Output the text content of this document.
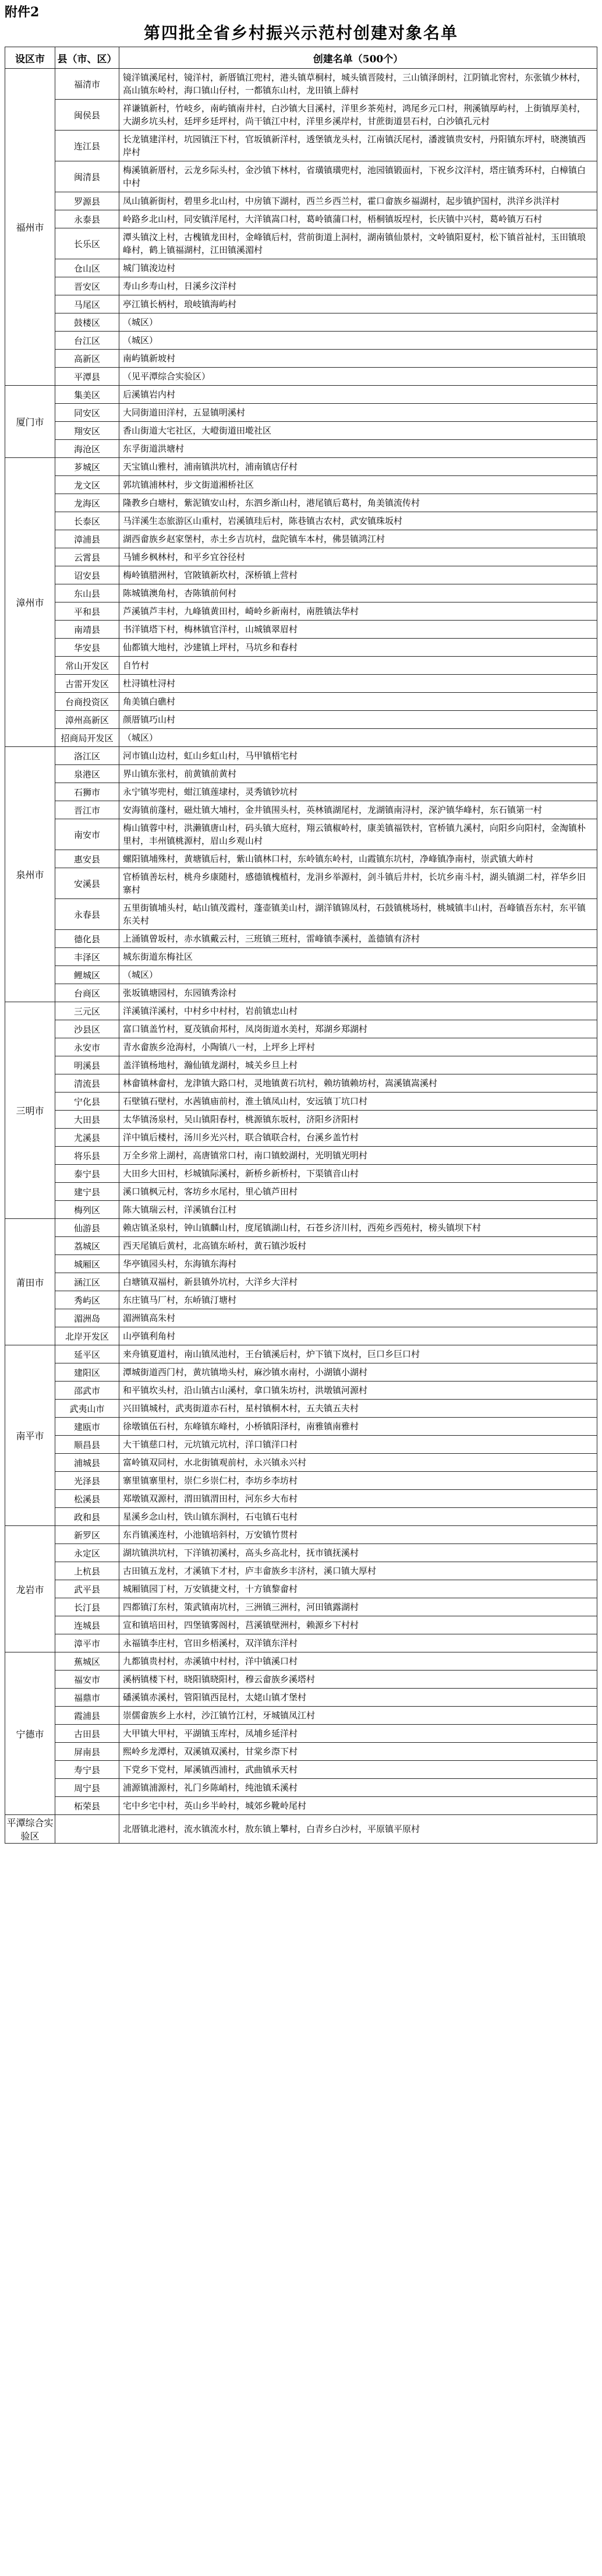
附件2
第四批全省乡村振兴示范村创建对象名单
设区市	县（市、区）	创建名单（500个）
福州市	福清市	镜洋镇溪尾村，镜洋村，新厝镇江兜村，港头镇草桐村，城头镇晋陵村，三山镇泽朗村，江阴镇北窖村，东张镇少林村，高山镇东岭村，海口镇山仔村，一都镇东山村，龙田镇上薛村
	闽侯县	祥谦镇新村，竹岐乡，南屿镇南井村，白沙镇大目溪村，洋里乡茶苑村，鸿尾乡元口村，荆溪镇厚屿村，上街镇厚美村，大湖乡坑头村，廷坪乡廷坪村，尚干镇江中村，洋里乡溪岸村，甘蔗街道昙石村，白沙镇孔元村
	连江县	长龙镇建洋村，坑园镇汪下村，官坂镇新洋村，透堡镇龙头村，江南镇沃尾村，潘渡镇贵安村，丹阳镇东坪村，晓澳镇西岸村
	闽清县	梅溪镇新厝村，云龙乡际头村，金沙镇下林村，省璜镇璜兜村，池园镇锻面村，下祝乡汶洋村，塔庄镇秀环村，白樟镇白中村
	罗源县	凤山镇新街村，碧里乡北山村，中房镇下湖村，西兰乡西兰村，霍口畲族乡福湖村，起步镇护国村，洪洋乡洪洋村
	永泰县	岭路乡北山村，同安镇洋尾村，大洋镇嵩口村，葛岭镇蒲口村，梧桐镇坂埕村，长庆镇中兴村，葛岭镇万石村
	长乐区	潭头镇汶上村，古槐镇龙田村，金峰镇后村，营前街道上洞村，湖南镇仙景村，文岭镇阳夏村，松下镇首祉村，玉田镇琅峰村，鹤上镇福湖村，江田镇溪湄村
	仓山区	城门镇浚边村
	晋安区	寿山乡寿山村，日溪乡汶洋村
	马尾区	亭江镇长柄村，琅岐镇海屿村
	鼓楼区	（城区）
	台江区	（城区）
	高新区	南屿镇新坡村
	平潭县	（见平潭综合实验区）
厦门市	集美区	后溪镇岩内村
	同安区	大同街道田洋村，五显镇明溪村
	翔安区	香山街道大宅社区，大嶝街道田墘社区
	海沧区	东孚街道洪塘村
漳州市	芗城区	天宝镇山雅村，浦南镇洪坑村，浦南镇店仔村
	龙文区	郭坑镇浦林村，步文街道湘桥社区
	龙海区	隆教乡白塘村，紫泥镇安山村，东泗乡渐山村，港尾镇后葛村，角美镇流传村
	长泰区	马洋溪生态旅游区山重村，岩溪镇珪后村，陈巷镇古农村，武安镇珠坂村
	漳浦县	湖西畲族乡赵家堡村，赤土乡吉坑村，盘陀镇车本村，佛昙镇鸿江村
	云霄县	马铺乡枫林村，和平乡宜谷径村
	诏安县	梅岭镇腊洲村，官陂镇新坎村，深桥镇上营村
	东山县	陈城镇澳角村，杏陈镇前何村
	平和县	芦溪镇芦丰村，九峰镇黄田村，崎岭乡新南村，南胜镇法华村
	南靖县	书洋镇塔下村，梅林镇官洋村，山城镇翠眉村
	华安县	仙都镇大地村，沙建镇上坪村，马坑乡和春村
	常山开发区	自竹村
	古雷开发区	杜浔镇杜浔村
	台商投资区	角美镇白礁村
	漳州高新区	颜厝镇巧山村
	招商局开发区	（城区）
泉州市	洛江区	河市镇山边村，虹山乡虹山村，马甲镇梧宅村
	泉港区	界山镇东张村，前黄镇前黄村
	石狮市	永宁镇岑兜村，蚶江镇莲埭村，灵秀镇钞坑村
	晋江市	安海镇前蓬村，磁灶镇大埔村，金井镇围头村，英林镇湖尾村，龙湖镇南浔村，深沪镇华峰村，东石镇第一村
	南安市	梅山镇蓉中村，洪濑镇唐山村，码头镇大庭村，翔云镇椒岭村，康美镇福铁村，官桥镇九溪村，向阳乡向阳村，金淘镇朴里村，丰州镇桃源村，眉山乡观山村
	惠安县	螺阳镇埔殊村，黄塘镇后村，紫山镇林口村，东岭镇东岭村，山霞镇东坑村，净峰镇净南村，崇武镇大岞村
	安溪县	官桥镇善坛村，桃舟乡康随村，感德镇槐植村，龙涓乡举源村，剑斗镇后井村，长坑乡南斗村，湖头镇湖二村，祥华乡旧寨村
	永春县	五里街镇埔头村，岵山镇茂霞村，蓬壶镇美山村，湖洋镇锦凤村，石鼓镇桃场村，桃城镇丰山村，吾峰镇吾东村，东平镇东关村
	德化县	上涌镇曾坂村，赤水镇戴云村，三班镇三班村，雷峰镇李溪村，盖德镇有济村
	丰泽区	城东街道东梅社区
	鲤城区	（城区）
	台商区	张坂镇塘园村，东园镇秀涂村
三明市	三元区	洋溪镇洋溪村，中村乡中村村，岩前镇忠山村
	沙县区	富口镇盖竹村，夏茂镇俞邦村，凤岗街道水美村，郑湖乡郑湖村
	永安市	青水畲族乡沧海村，小陶镇八一村，上坪乡上坪村
	明溪县	盖洋镇杨地村，瀚仙镇龙湖村，城关乡旦上村
	清流县	林畲镇林畲村，龙津镇大路口村，灵地镇黄石坑村，赖坊镇赖坊村，嵩溪镇嵩溪村
	宁化县	石壁镇石壁村，水茜镇庙前村，淮土镇凤山村，安远镇丁坑口村
	大田县	太华镇汤泉村，吴山镇阳春村，桃源镇东坂村，济阳乡济阳村
	尤溪县	洋中镇后楼村，汤川乡光兴村，联合镇联合村，台溪乡盖竹村
	将乐县	万全乡常上湖村，高唐镇常口村，南口镇蛟湖村，光明镇光明村
	泰宁县	大田乡大田村，杉城镇际溪村，新桥乡新桥村，下渠镇音山村
	建宁县	溪口镇枫元村，客坊乡水尾村，里心镇芦田村
	梅列区	陈大镇瑞云村，洋溪镇台江村
莆田市	仙游县	赖店镇圣泉村，钟山镇麟山村，度尾镇湖山村，石苍乡济川村，西苑乡西苑村，榜头镇坝下村
	荔城区	西天尾镇后黄村，北高镇东峤村，黄石镇沙坂村
	城厢区	华亭镇园头村，东海镇东海村
	涵江区	白塘镇双福村，新县镇外坑村，大洋乡大洋村
	秀屿区	东庄镇马厂村，东峤镇汀塘村
	湄洲岛	湄洲镇高朱村
	北岸开发区	山亭镇利角村
南平市	延平区	来舟镇夏道村，南山镇凤池村，王台镇溪后村，炉下镇下岚村，巨口乡巨口村
	建阳区	潭城街道西门村，黄坑镇坳头村，麻沙镇水南村，小湖镇小湖村
	邵武市	和平镇坎头村，沿山镇古山溪村，拿口镇朱坊村，洪墩镇河源村
	武夷山市	兴田镇城村，武夷街道赤石村，星村镇桐木村，五夫镇五夫村
	建瓯市	徐墩镇伍石村，东峰镇东峰村，小桥镇阳泽村，南雅镇南雅村
	顺昌县	大干镇慈口村，元坑镇元坑村，洋口镇洋口村
	浦城县	富岭镇双同村，水北街镇观前村，永兴镇永兴村
	光泽县	寨里镇寨里村，崇仁乡崇仁村，李坊乡李坊村
	松溪县	郑墩镇双源村，渭田镇渭田村，河东乡大布村
	政和县	星溪乡念山村，铁山镇东涧村，石屯镇石屯村
龙岩市	新罗区	东肖镇溪连村，小池镇培斜村，万安镇竹贯村
	永定区	湖坑镇洪坑村，下洋镇初溪村，高头乡高北村，抚市镇抚溪村
	上杭县	古田镇五龙村，才溪镇下才村，庐丰畲族乡丰济村，溪口镇大厚村
	武平县	城厢镇园丁村，万安镇捷文村，十方镇黎畲村
	长汀县	四都镇汀东村，策武镇南坑村，三洲镇三洲村，河田镇露湖村
	连城县	宣和镇培田村，四堡镇雾阁村，莒溪镇壁洲村，赖源乡下村村
	漳平市	永福镇李庄村，官田乡梧溪村，双洋镇东洋村
宁德市	蕉城区	九都镇贵村村，赤溪镇中村村，洋中镇溪口村
	福安市	溪柄镇楼下村，晓阳镇晓阳村，穆云畲族乡溪塔村
	福鼎市	磻溪镇赤溪村，管阳镇西昆村，太姥山镇才堡村
	霞浦县	崇儒畲族乡上水村，沙江镇竹江村，牙城镇凤江村
	古田县	大甲镇大甲村，平湖镇玉库村，凤埔乡延洋村
	屏南县	熙岭乡龙潭村，双溪镇双溪村，甘棠乡漈下村
	寿宁县	下党乡下党村，犀溪镇西浦村，武曲镇承天村
	周宁县	浦源镇浦源村，礼门乡陈峭村，纯池镇禾溪村
	柘荣县	宅中乡宅中村，英山乡半岭村，城郊乡靴岭尾村
平潭综合实验区		北厝镇北港村，流水镇流水村，敖东镇上攀村，白青乡白沙村，平原镇平原村
